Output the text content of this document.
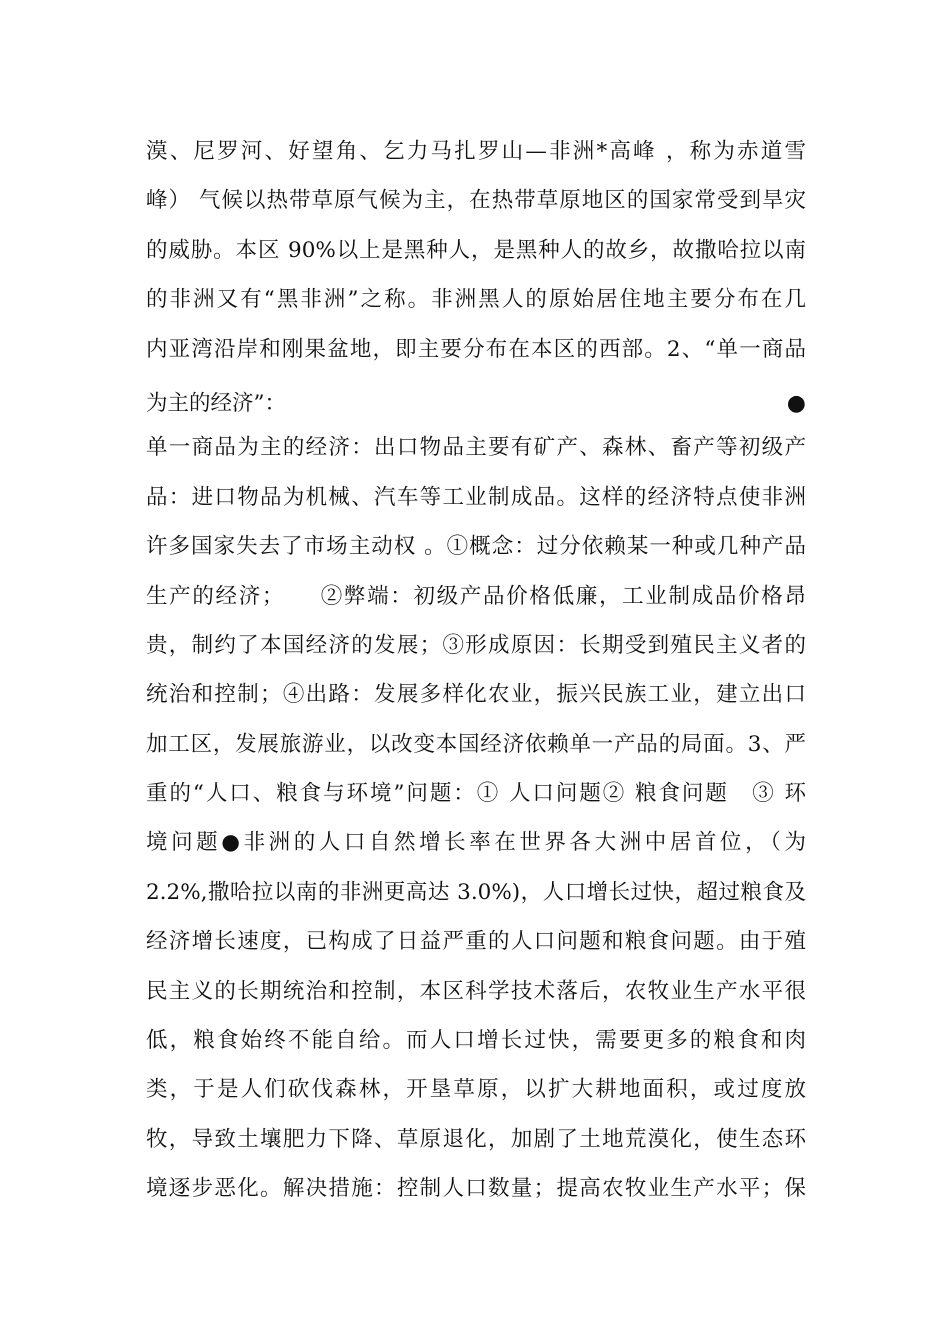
漠、尼罗河、好望角、乞力马扎罗山—非洲*高峰 ，称为赤道雪
峰） 气候以热带草原气候为主，在热带草原地区的国家常受到旱灾
的威胁。本区 90%以上是黑种人，是黑种人的故乡，故撒哈拉以南
的非洲又有“黑非洲”之称。非洲黑人的原始居住地主要分布在几
内亚湾沿岸和刚果盆地，即主要分布在本区的西部。2、“单一商品
为主的经济”：	●
单一商品为主的经济：出口物品主要有矿产、森林、畜产等初级产
品：进口物品为机械、汽车等工业制成品。这样的经济特点使非洲
许多国家失去了市场主动权 。①概念：过分依赖某一种或几种产品
生产的经济；　　②弊端：初级产品价格低廉，工业制成品价格昂
贵，制约了本国经济的发展；③形成原因：长期受到殖民主义者的
统治和控制；④出路：发展多样化农业，振兴民族工业，建立出口
加工区，发展旅游业，以改变本国经济依赖单一产品的局面。3、严
重的“人口、粮食与环境”问题：① 人口问题② 粮食问题　③ 环
境问题●非洲的人口自然增长率在世界各大洲中居首位，（为
2.2%,撒哈拉以南的非洲更高达 3.0%)，人口增长过快，超过粮食及
经济增长速度，已构成了日益严重的人口问题和粮食问题。由于殖
民主义的长期统治和控制，本区科学技术落后，农牧业生产水平很
低，粮食始终不能自给。而人口增长过快，需要更多的粮食和肉
类，于是人们砍伐森林，开垦草原，以扩大耕地面积，或过度放
牧，导致土壤肥力下降、草原退化，加剧了土地荒漠化，使生态环
境逐步恶化。解决措施：控制人口数量；提高农牧业生产水平；保
